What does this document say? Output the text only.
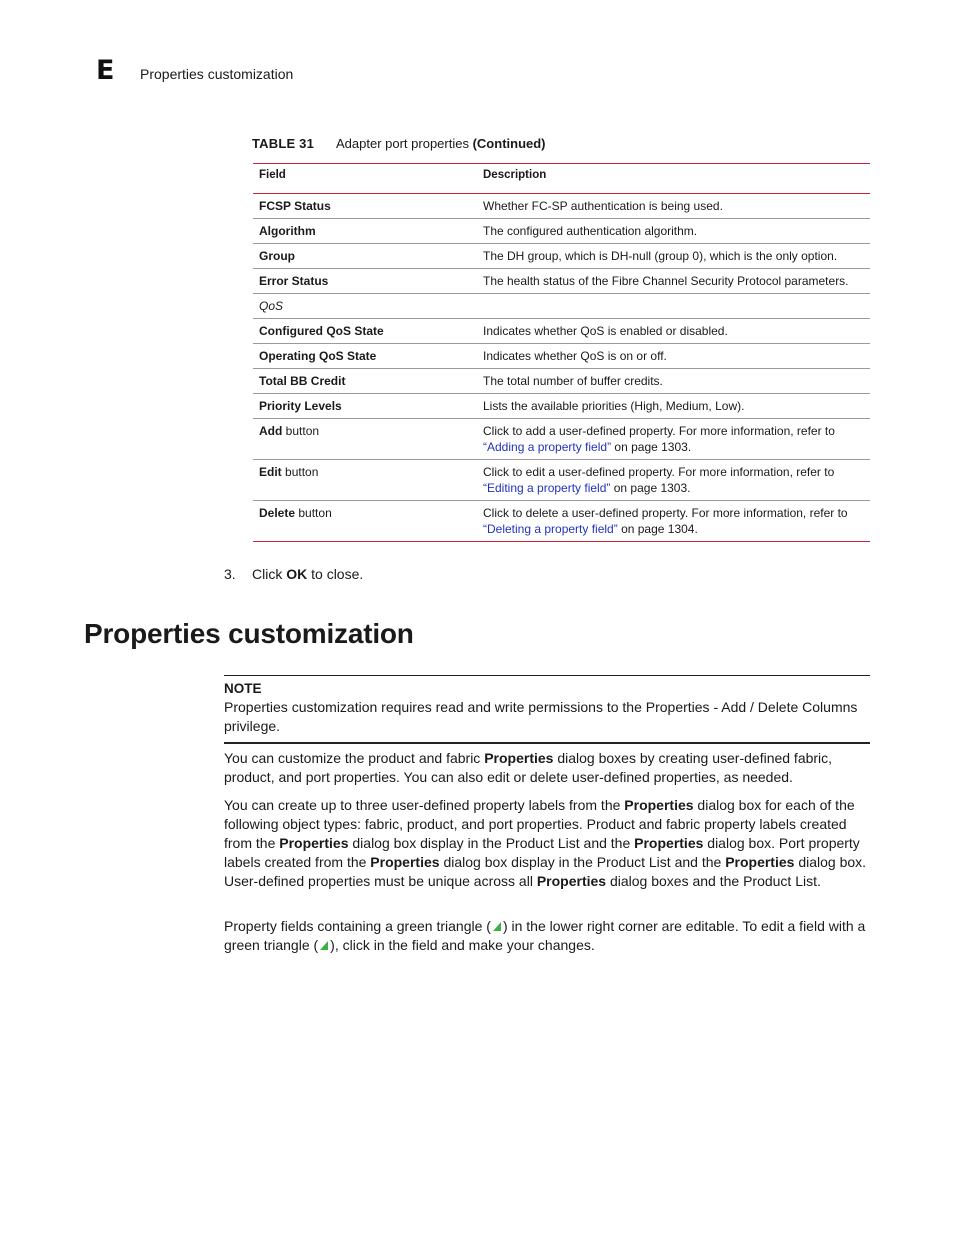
E Properties customization
TABLE 31 Adapter port properties (Continued)
Field	Description
FCSP Status	Whether FC-SP authentication is being used.
Algorithm	The configured authentication algorithm.
Group	The DH group, which is DH-null (group 0), which is the only option.
Error Status	The health status of the Fibre Channel Security Protocol parameters.
QoS	
Configured QoS State	Indicates whether QoS is enabled or disabled.
Operating QoS State	Indicates whether QoS is on or off.
Total BB Credit	The total number of buffer credits.
Priority Levels	Lists the available priorities (High, Medium, Low).
Add button	Click to add a user-defined property. For more information, refer to
“Adding a property field” on page 1303.
Edit button	Click to edit a user-defined property. For more information, refer to
“Editing a property field” on page 1303.
Delete button	Click to delete a user-defined property. For more information, refer to
“Deleting a property field” on page 1304.
3. Click OK to close.
Properties customization
NOTE
Properties customization requires read and write permissions to the Properties - Add / Delete Columns privilege.

You can customize the product and fabric Properties dialog boxes by creating user-defined fabric, product, and port properties. You can also edit or delete user-defined properties, as needed.

You can create up to three user-defined property labels from the Properties dialog box for each of the following object types: fabric, product, and port properties. Product and fabric property labels created from the Properties dialog box display in the Product List and the Properties dialog box. Port property labels created from the Properties dialog box display in the Product List and the Properties dialog box. User-defined properties must be unique across all Properties dialog boxes and the Product List.

Property fields containing a green triangle ( ) in the lower right corner are editable. To edit a field with a green triangle ( ), click in the field and make your changes.
